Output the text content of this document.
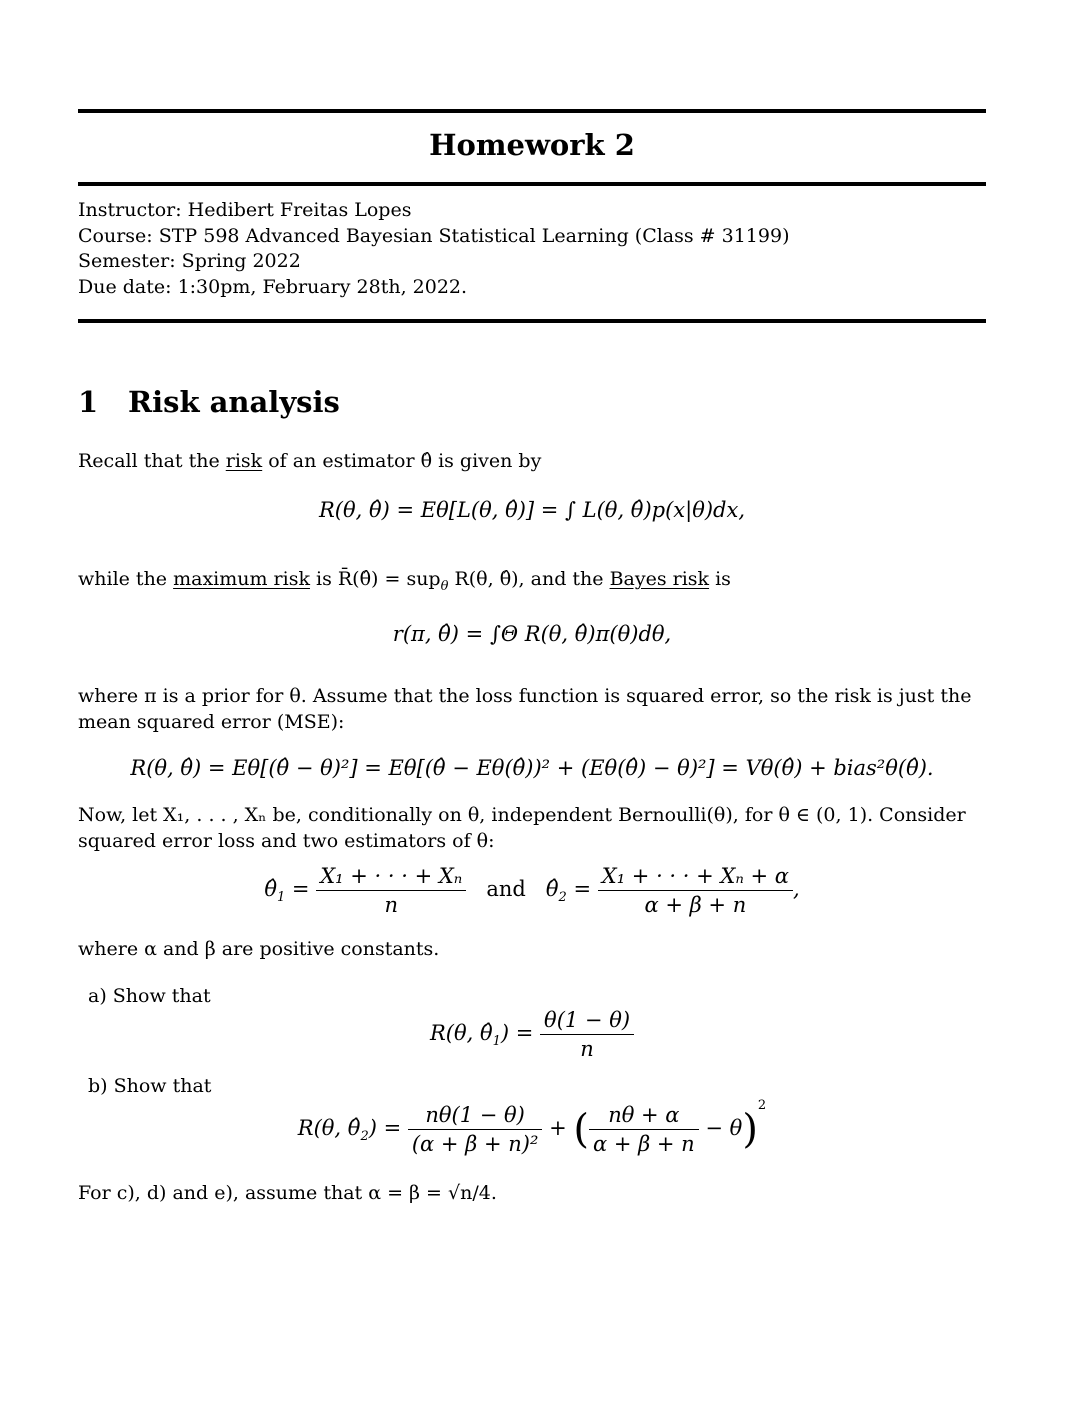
Homework 2
Instructor: Hedibert Freitas Lopes
Course: STP 598 Advanced Bayesian Statistical Learning (Class # 31199)
Semester: Spring 2022
Due date: 1:30pm, February 28th, 2022.
1 Risk analysis
Recall that the risk of an estimator θ̂ is given by
R(θ, θ̂) = Eθ[L(θ, θ̂)] = ∫ L(θ, θ̂)p(x|θ)dx,
while the maximum risk is R̄(θ̂) = sup$_\theta$ R(θ, θ̂), and the Bayes risk is
r(π, θ̂) = ∫Θ R(θ, θ̂)π(θ)dθ,
where π is a prior for θ. Assume that the loss function is squared error, so the risk is just the mean squared error (MSE):
R(θ, θ̂) = Eθ[(θ̂ − θ)²] = Eθ[(θ̂ − Eθ(θ̂))² + (Eθ(θ̂) − θ)²] = Vθ(θ̂) + bias²θ(θ̂).
Now, let X₁, . . . , Xₙ be, conditionally on θ, independent Bernoulli(θ), for θ ∈ (0, 1). Consider squared error loss and two estimators of θ:
$\thetâ_1 = \frac{\text{X₁ + · · · + Xₙ}}{n}$ and   $\thetâ_2 = \frac{\text{X₁ + · · · + Xₙ + α}}{\alpha + \beta + n}$ ,
where α and β are positive constants.
a) Show that
R(θ, $\thetâ_1) = \frac{\theta(1 - \theta)}{n}$
b) Show that
R(θ, $\thetâ_2) = \frac{n\theta(1 - \theta)}{\text{(α + β + n)²}}$ + ( $\frac{n\theta + \alpha}{\alpha + \beta + n} - \theta)^2$
For c), d) and e), assume that α = β = √n/4.
